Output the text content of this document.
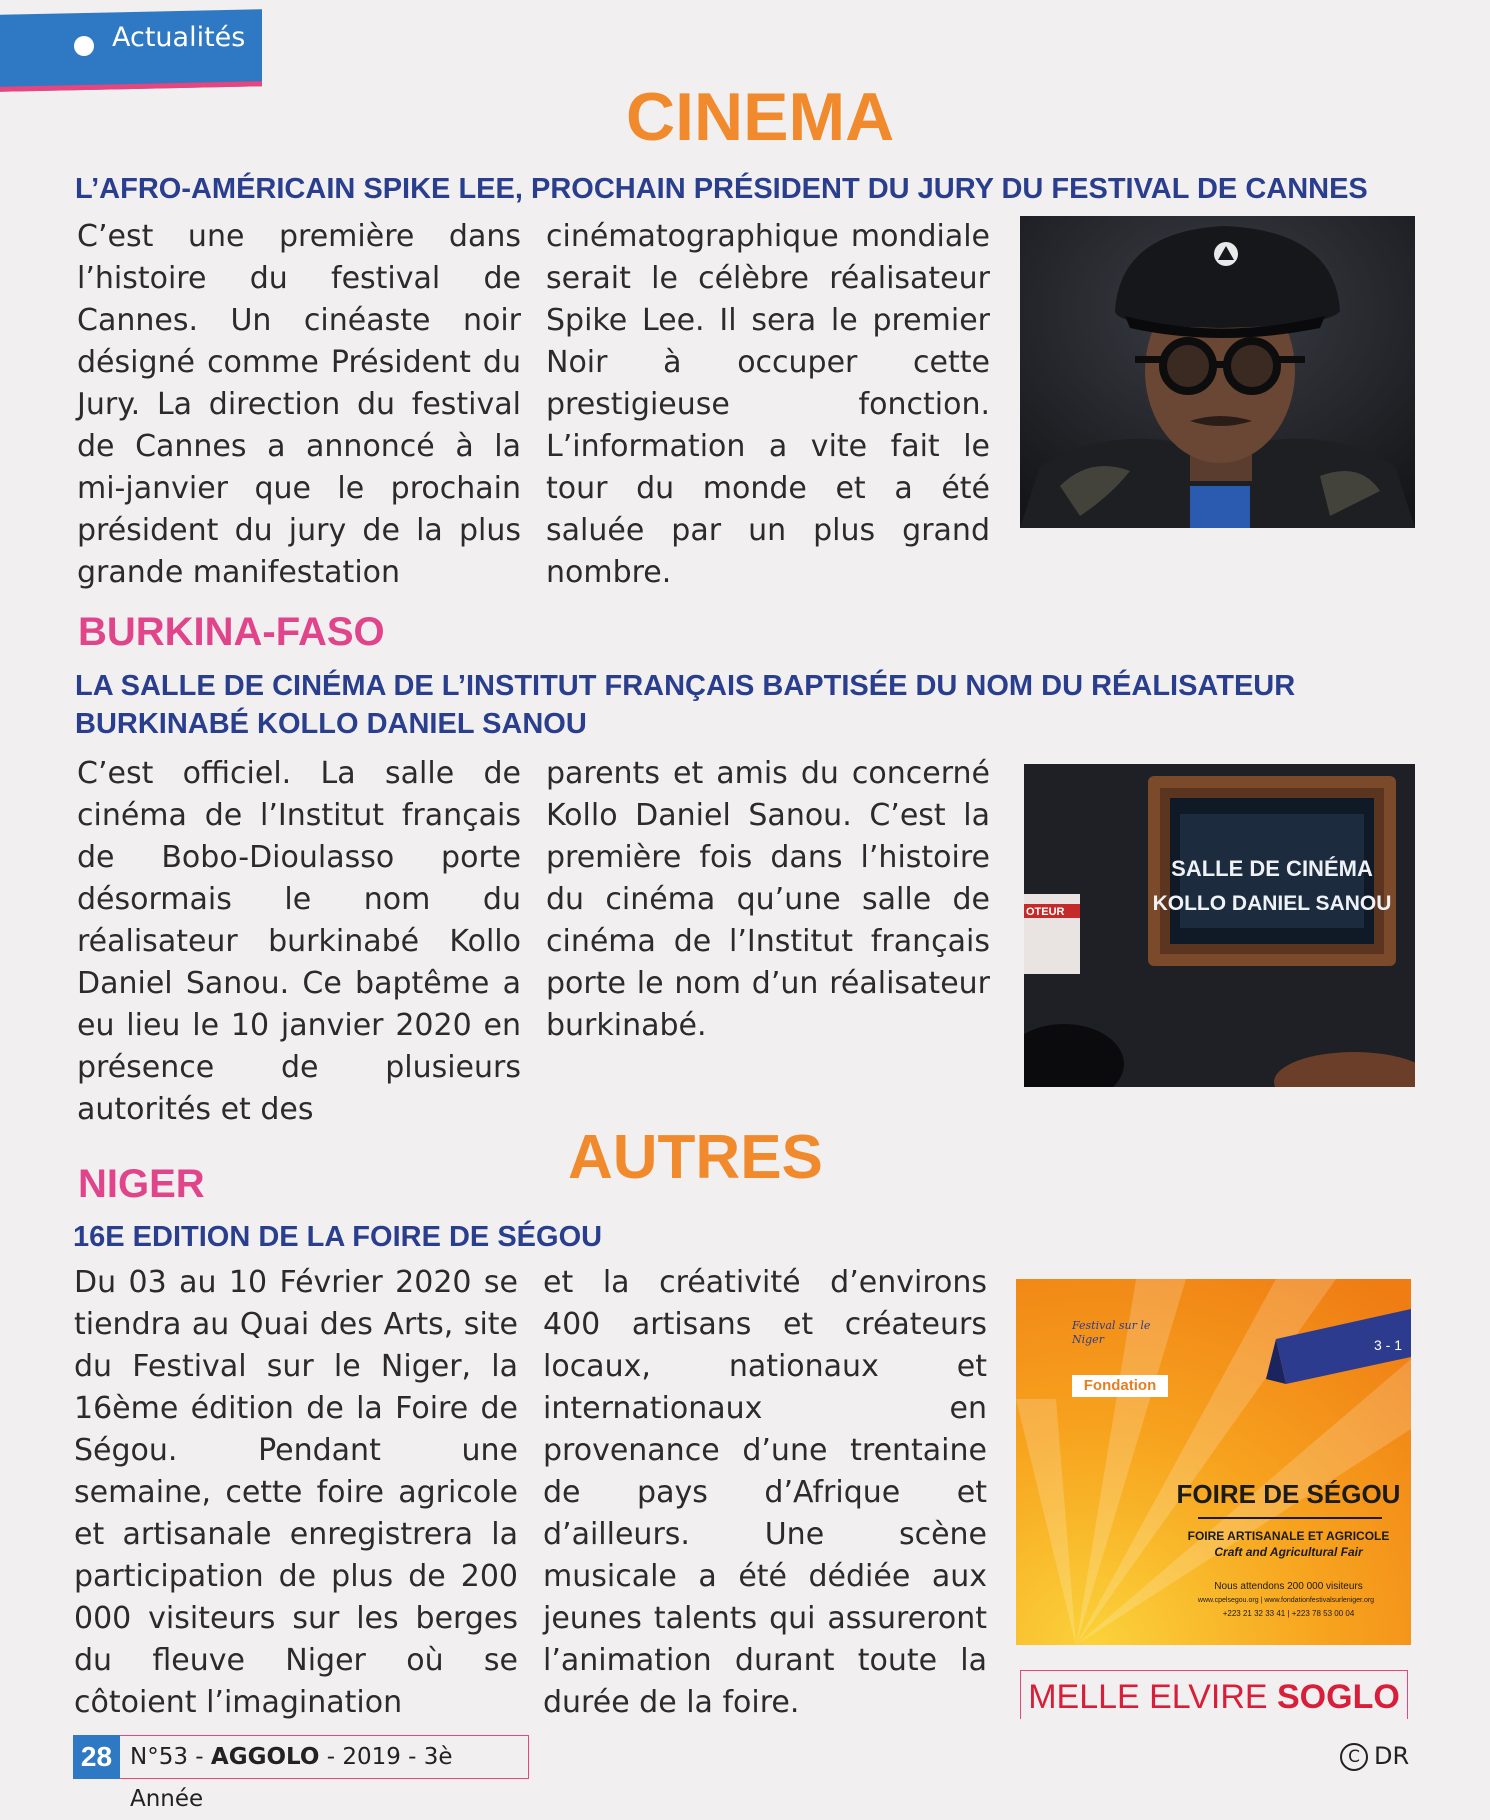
Actualités
CINEMA
L’AFRO-AMÉRICAIN SPIKE LEE, PROCHAIN PRÉSIDENT DU JURY DU FESTIVAL DE CANNES
C’est une première dans l’histoire du festival de Cannes. Un cinéaste noir désigné comme Président du Jury. La direction du festival de Cannes a annoncé à la mi-janvier que le prochain président du jury de la plus grande manifestation
cinématographique mondiale serait le célèbre réalisateur Spike Lee. Il sera le premier Noir à occuper cette prestigieuse fonction. L’information a vite fait le tour du monde et a été saluée par un plus grand nombre.
BURKINA-FASO
LA SALLE DE CINÉMA DE L’INSTITUT FRANÇAIS BAPTISÉE DU NOM DU RÉALISATEUR
BURKINABÉ KOLLO DANIEL SANOU
C’est officiel. La salle de cinéma de l’Institut français de Bobo-Dioulasso porte désormais le nom du réalisateur burkinabé Kollo Daniel Sanou. Ce baptême a eu lieu le 10 janvier 2020 en présence de plusieurs autorités et des
parents et amis du concerné Kollo Daniel Sanou. C’est la première fois dans l’histoire du cinéma qu’une salle de cinéma de l’Institut français porte le nom d’un réalisateur burkinabé.
OTEUR
SALLE DE CINÉMA
KOLLO DANIEL SANOU
AUTRES
NIGER
16E EDITION DE LA FOIRE DE SÉGOU
Du 03 au 10 Février 2020 se tiendra au Quai des Arts, site du Festival sur le Niger, la 16ème édition de la Foire de Ségou. Pendant une semaine, cette foire agricole et artisanale enregistrera la participation de plus de 200 000 visiteurs sur les berges du fleuve Niger où se côtoient l’imagination
et la créativité d’environs 400 artisans et créateurs locaux, nationaux et internationaux en provenance d’une trentaine de pays d’Afrique et d’ailleurs. Une scène musicale a été dédiée aux jeunes talents qui assureront l’animation durant toute la durée de la foire.
Festival sur le Niger
Fondation
3 - 1
FOIRE DE SÉGOU
FOIRE ARTISANALE ET AGRICOLE
Craft and Agricultural Fair
Nous attendons 200 000 visiteurs
www.cpelsegou.org | www.fondationfestivalsurleniger.org
+223 21 32 33 41 | +223 78 53 00 04
MELLE ELVIRE SOGLO
28 N°53 - AGGOLO - 2019 - 3è Année
C DR
